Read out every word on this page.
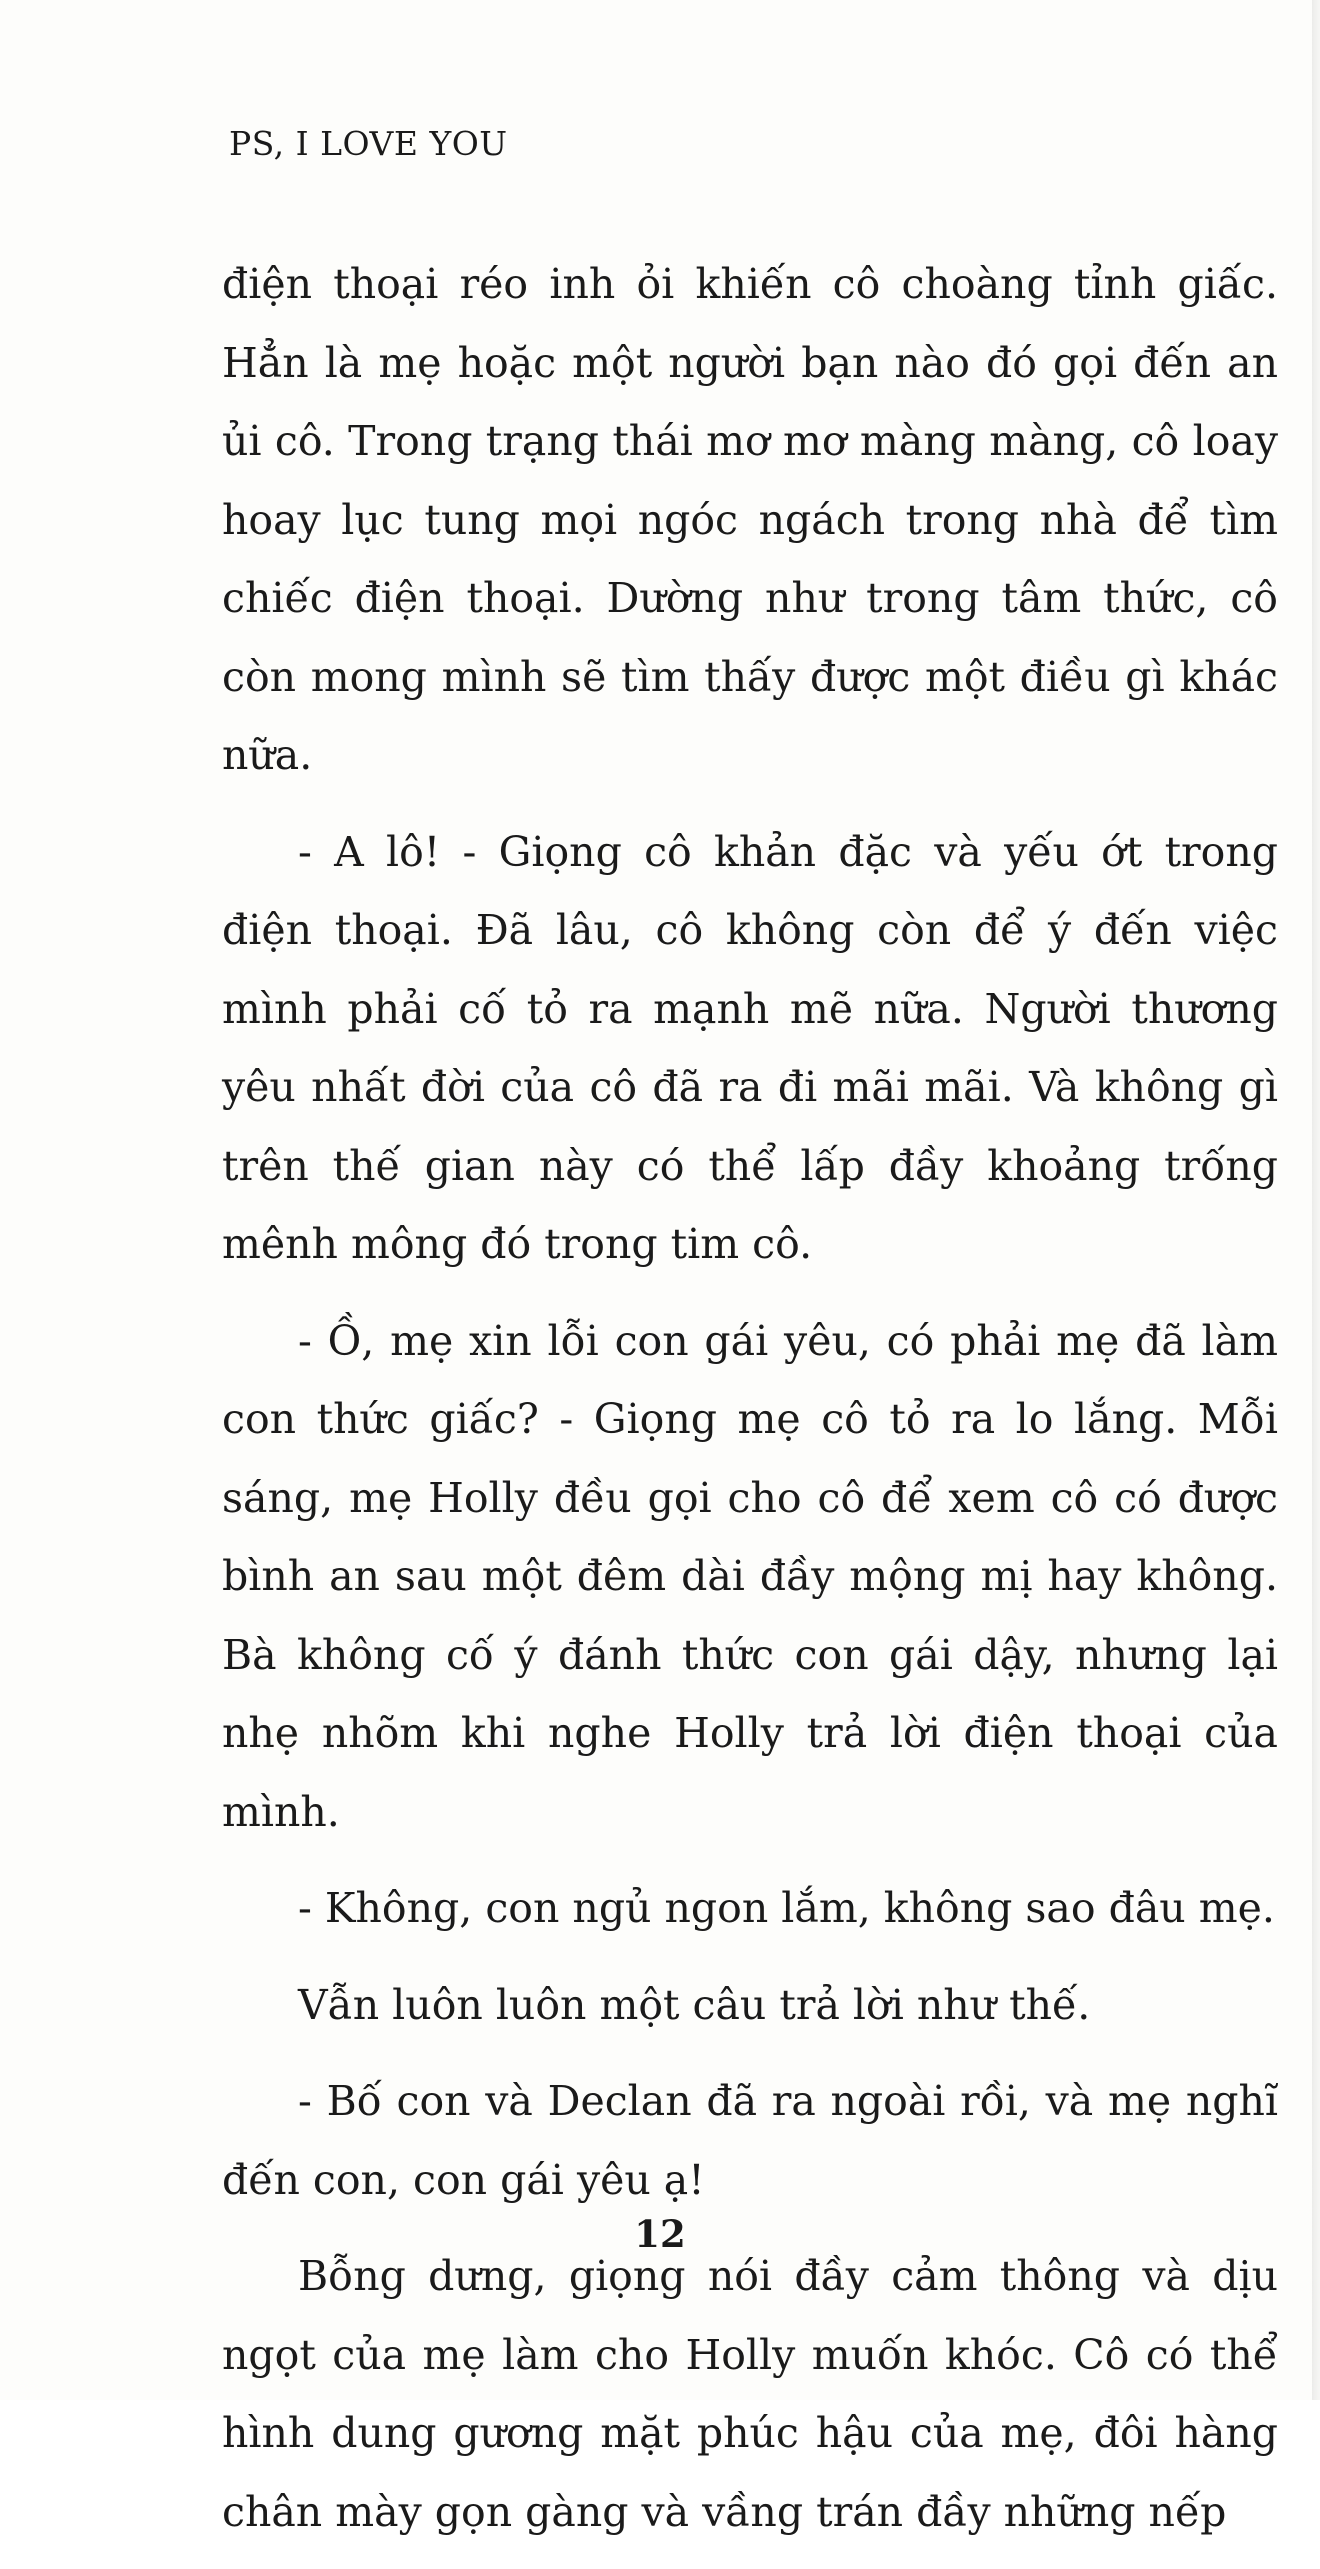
PS, I LOVE YOU

điện thoại réo inh ỏi khiến cô choàng tỉnh giấc. Hẳn là mẹ hoặc một người bạn nào đó gọi đến an ủi cô. Trong trạng thái mơ mơ màng màng, cô loay hoay lục tung mọi ngóc ngách trong nhà để tìm chiếc điện thoại. Dường như trong tâm thức, cô còn mong mình sẽ tìm thấy được một điều gì khác nữa.

- A lô! - Giọng cô khản đặc và yếu ớt trong điện thoại. Đã lâu, cô không còn để ý đến việc mình phải cố tỏ ra mạnh mẽ nữa. Người thương yêu nhất đời của cô đã ra đi mãi mãi. Và không gì trên thế gian này có thể lấp đầy khoảng trống mênh mông đó trong tim cô.

- Ồ, mẹ xin lỗi con gái yêu, có phải mẹ đã làm con thức giấc? - Giọng mẹ cô tỏ ra lo lắng. Mỗi sáng, mẹ Holly đều gọi cho cô để xem cô có được bình an sau một đêm dài đầy mộng mị hay không. Bà không cố ý đánh thức con gái dậy, nhưng lại nhẹ nhõm khi nghe Holly trả lời điện thoại của mình.

- Không, con ngủ ngon lắm, không sao đâu mẹ.

Vẫn luôn luôn một câu trả lời như thế.

- Bố con và Declan đã ra ngoài rồi, và mẹ nghĩ đến con, con gái yêu ạ!

Bỗng dưng, giọng nói đầy cảm thông và dịu ngọt của mẹ làm cho Holly muốn khóc. Cô có thể hình dung gương mặt phúc hậu của mẹ, đôi hàng chân mày gọn gàng và vầng trán đầy những nếp

12
